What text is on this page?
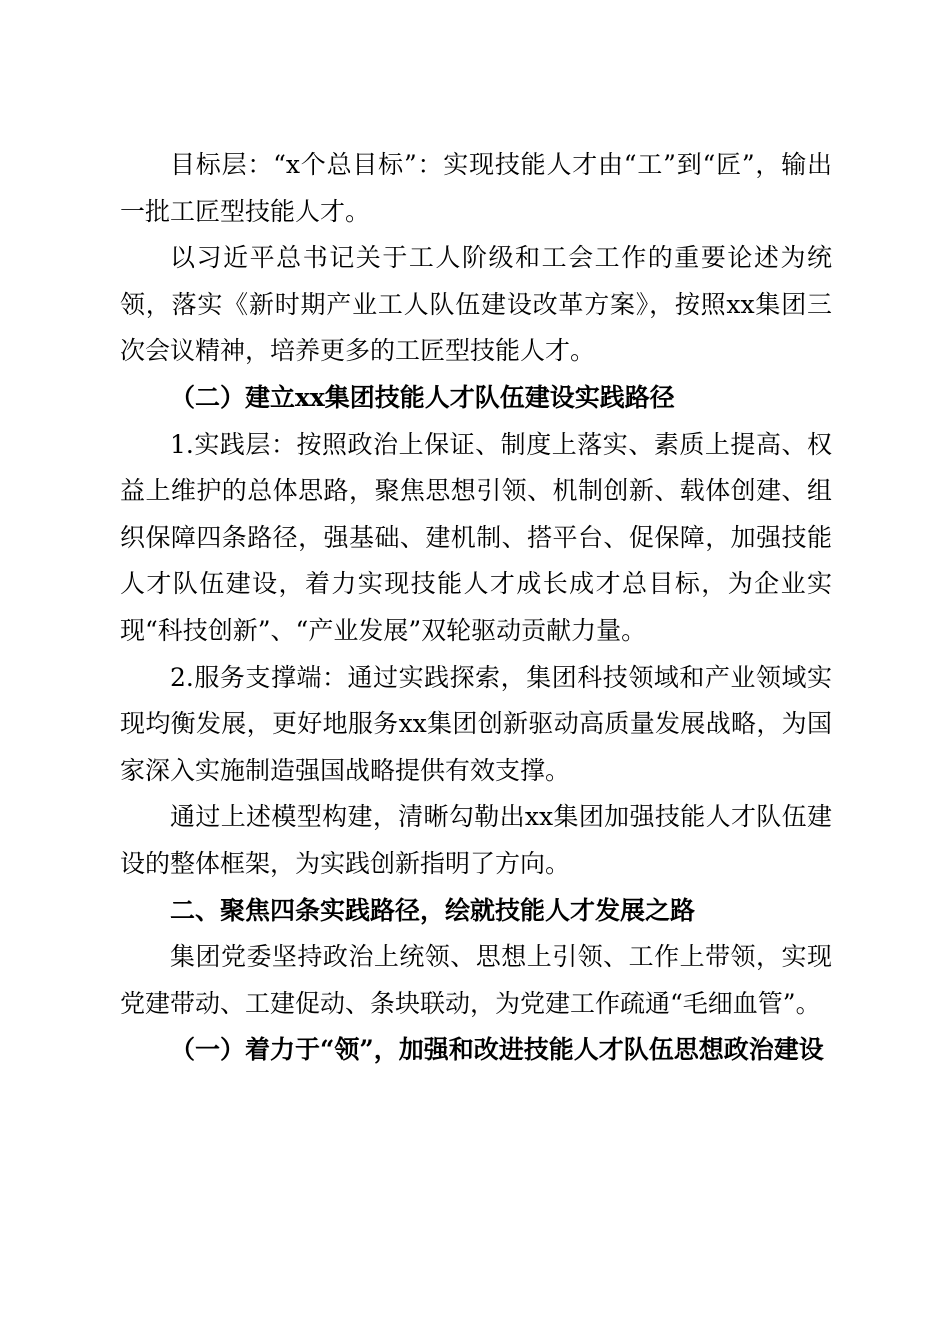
目标层：“x个总目标”：实现技能人才由“工”到“匠”，输出一批工匠型技能人才。

以习近平总书记关于工人阶级和工会工作的重要论述为统领，落实《新时期产业工人队伍建设改革方案》，按照xx集团三次会议精神，培养更多的工匠型技能人才。

（二）建立xx集团技能人才队伍建设实践路径

1.实践层：按照政治上保证、制度上落实、素质上提高、权益上维护的总体思路，聚焦思想引领、机制创新、载体创建、组织保障四条路径，强基础、建机制、搭平台、促保障，加强技能人才队伍建设，着力实现技能人才成长成才总目标，为企业实现“科技创新”、“产业发展”双轮驱动贡献力量。

2.服务支撑端：通过实践探索，集团科技领域和产业领域实现均衡发展，更好地服务xx集团创新驱动高质量发展战略，为国家深入实施制造强国战略提供有效支撑。

通过上述模型构建，清晰勾勒出xx集团加强技能人才队伍建设的整体框架，为实践创新指明了方向。

二、聚焦四条实践路径，绘就技能人才发展之路

集团党委坚持政治上统领、思想上引领、工作上带领，实现党建带动、工建促动、条块联动，为党建工作疏通“毛细血管”。

（一）着力于“领”，加强和改进技能人才队伍思想政治建设
